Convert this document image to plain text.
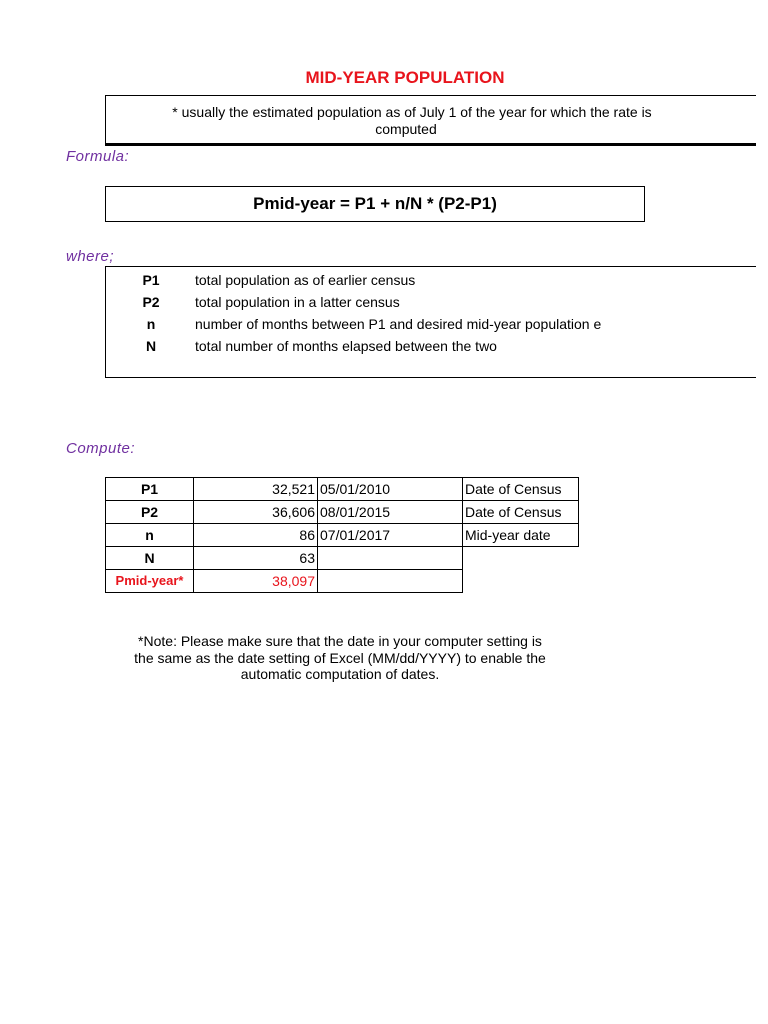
MID-YEAR POPULATION
* usually the estimated population as of July 1 of the year for which the rate is
computed
Formula:
Pmid-year = P1 + n/N * (P2-P1)
where;
P1	total population as of earlier census
P2	total population in a latter census
n	number of months between P1 and desired mid-year population e
N	total number of months elapsed between the two
Compute:
P1	32,521	05/01/2010	Date of Census
P2	36,606	08/01/2015	Date of Census
n	86	07/01/2017	Mid-year date
N	63		
Pmid-year*	38,097		
*Note: Please make sure that the date in your computer setting is
the same as the date setting of Excel (MM/dd/YYYY) to enable the
automatic computation of dates.
